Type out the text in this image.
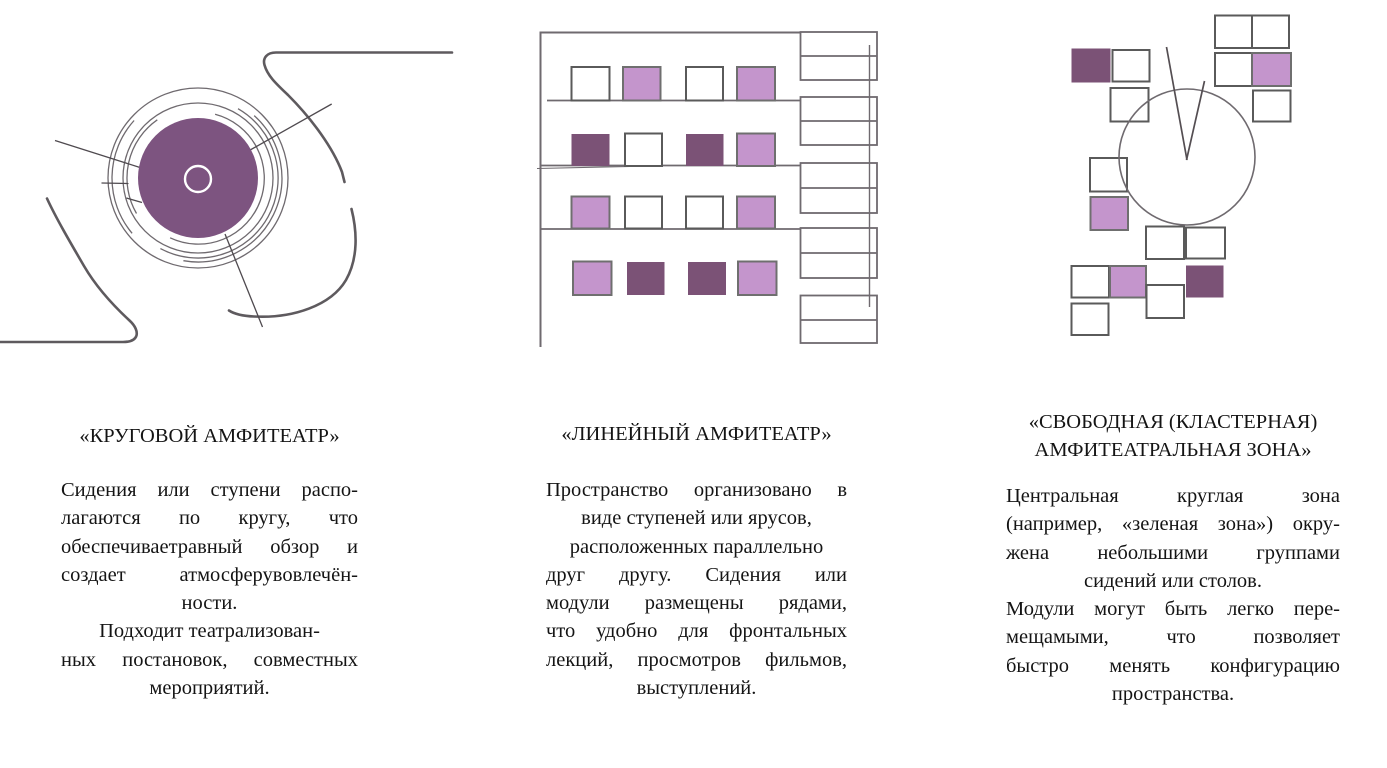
«КРУГОВОЙ АМФИТЕАТР»
Сидения или ступени распо-
лагаются по кругу, что
обеспечиваетравный обзор и
создает атмосферувовлечён-
ности.
Подходит театрализован-
ных постановок, совместных
мероприятий.
«ЛИНЕЙНЫЙ АМФИТЕАТР»
Пространство организовано в
виде ступеней или ярусов,
расположенных параллельно
друг другу. Сидения или
модули размещены рядами,
что удобно для фронтальных
лекций, просмотров фильмов,
выступлений.
«СВОБОДНАЯ (КЛАСТЕРНАЯ)
АМФИТЕАТРАЛЬНАЯ ЗОНА»
Центральная круглая зона
(например, «зеленая зона») окру-
жена небольшими группами
сидений или столов.
Модули могут быть легко пере-
мещамыми, что позволяет
быстро менять конфигурацию
пространства.
